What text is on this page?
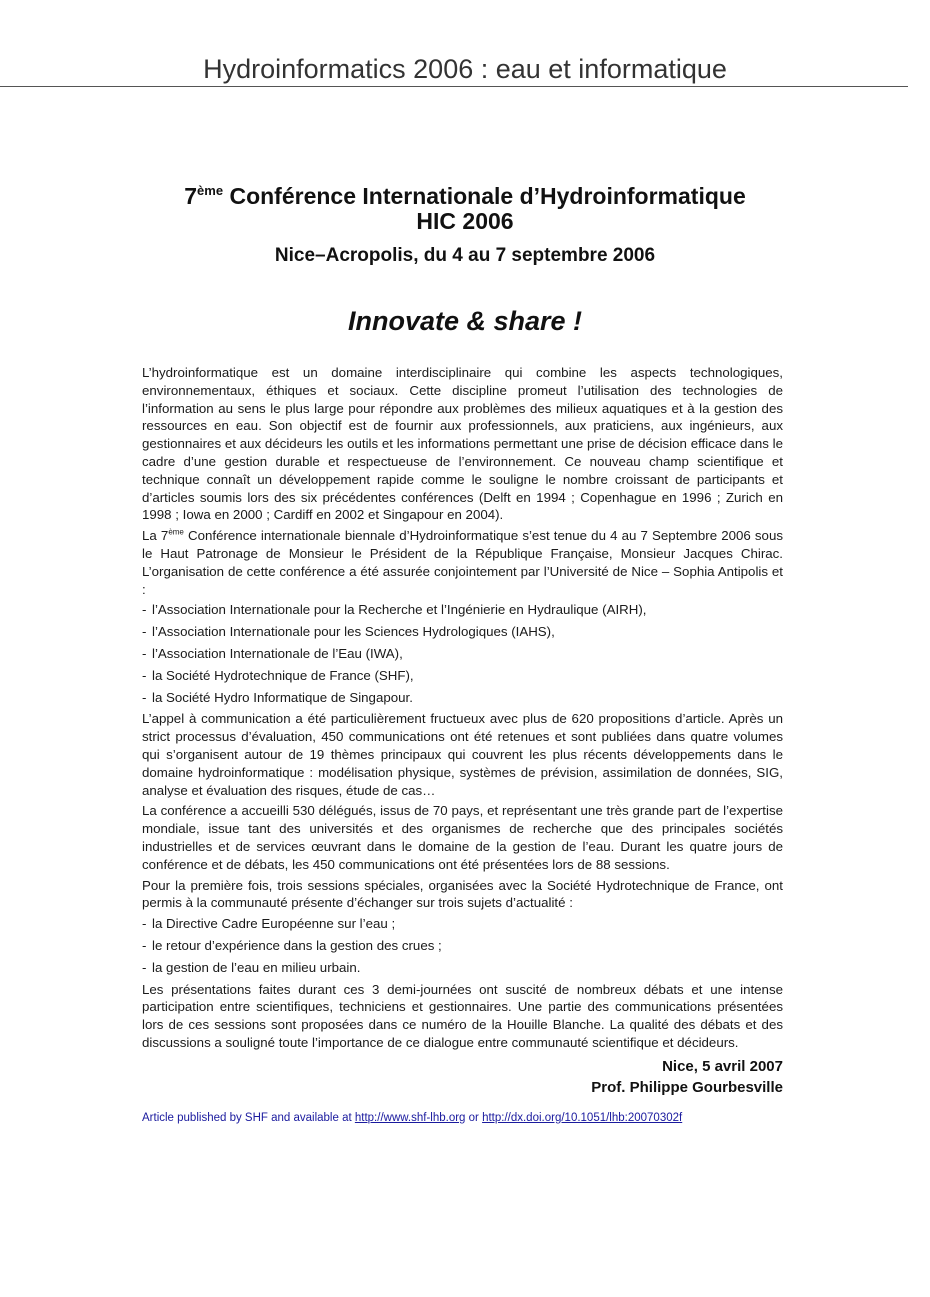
Hydroinformatics 2006 : eau et informatique
7ème Conférence Internationale d’Hydroinformatique
HIC 2006
Nice–Acropolis, du 4 au 7 septembre 2006
Innovate & share !

L’hydroinformatique est un domaine interdisciplinaire qui combine les aspects technologiques, environnementaux, éthiques et sociaux. Cette discipline promeut l’utilisation des technologies de l’information au sens le plus large pour répondre aux problèmes des milieux aquatiques et à la gestion des ressources en eau. Son objectif est de fournir aux professionnels, aux praticiens, aux ingénieurs, aux gestionnaires et aux décideurs les outils et les informations permettant une prise de décision efficace dans le cadre d’une gestion durable et respectueuse de l’environnement. Ce nouveau champ scientifique et technique connaît un développement rapide comme le souligne le nombre croissant de participants et d’articles soumis lors des six précédentes conférences (Delft en 1994 ; Copenhague en 1996 ; Zurich en 1998 ; Iowa en 2000 ; Cardiff en 2002 et Singapour en 2004).

La 7ème Conférence internationale biennale d’Hydroinformatique s’est tenue du 4 au 7 Septembre 2006 sous le Haut Patronage de Monsieur le Président de la République Française, Monsieur Jacques Chirac. L’organisation de cette conférence a été assurée conjointement par l’Université de Nice – Sophia Antipolis et :

- l’Association Internationale pour la Recherche et l’Ingénierie en Hydraulique (AIRH),
- l’Association Internationale pour les Sciences Hydrologiques (IAHS),
- l’Association Internationale de l’Eau (IWA),
- la Société Hydrotechnique de France (SHF),
- la Société Hydro Informatique de Singapour.

L’appel à communication a été particulièrement fructueux avec plus de 620 propositions d’article. Après un strict processus d’évaluation, 450 communications ont été retenues et sont publiées dans quatre volumes qui s’organisent autour de 19 thèmes principaux qui couvrent les plus récents développements dans le domaine hydroinformatique : modélisation physique, systèmes de prévision, assimilation de données, SIG, analyse et évaluation des risques, étude de cas…

La conférence a accueilli 530 délégués, issus de 70 pays, et représentant une très grande part de l’expertise mondiale, issue tant des universités et des organismes de recherche que des principales sociétés industrielles et de services œuvrant dans le domaine de la gestion de l’eau. Durant les quatre jours de conférence et de débats, les 450 communications ont été présentées lors de 88 sessions.

Pour la première fois, trois sessions spéciales, organisées avec la Société Hydrotechnique de France, ont permis à la communauté présente d’échanger sur trois sujets d’actualité :

- la Directive Cadre Européenne sur l’eau ;
- le retour d’expérience dans la gestion des crues ;
- la gestion de l’eau en milieu urbain.

Les présentations faites durant ces 3 demi-journées ont suscité de nombreux débats et une intense participation entre scientifiques, techniciens et gestionnaires. Une partie des communications présentées lors de ces sessions sont proposées dans ce numéro de la Houille Blanche. La qualité des débats et des discussions a souligné toute l’importance de ce dialogue entre communauté scientifique et décideurs.

Nice, 5 avril 2007
Prof. Philippe Gourbesville
Article published by SHF and available at http://www.shf-lhb.org or http://dx.doi.org/10.1051/lhb:20070302f
